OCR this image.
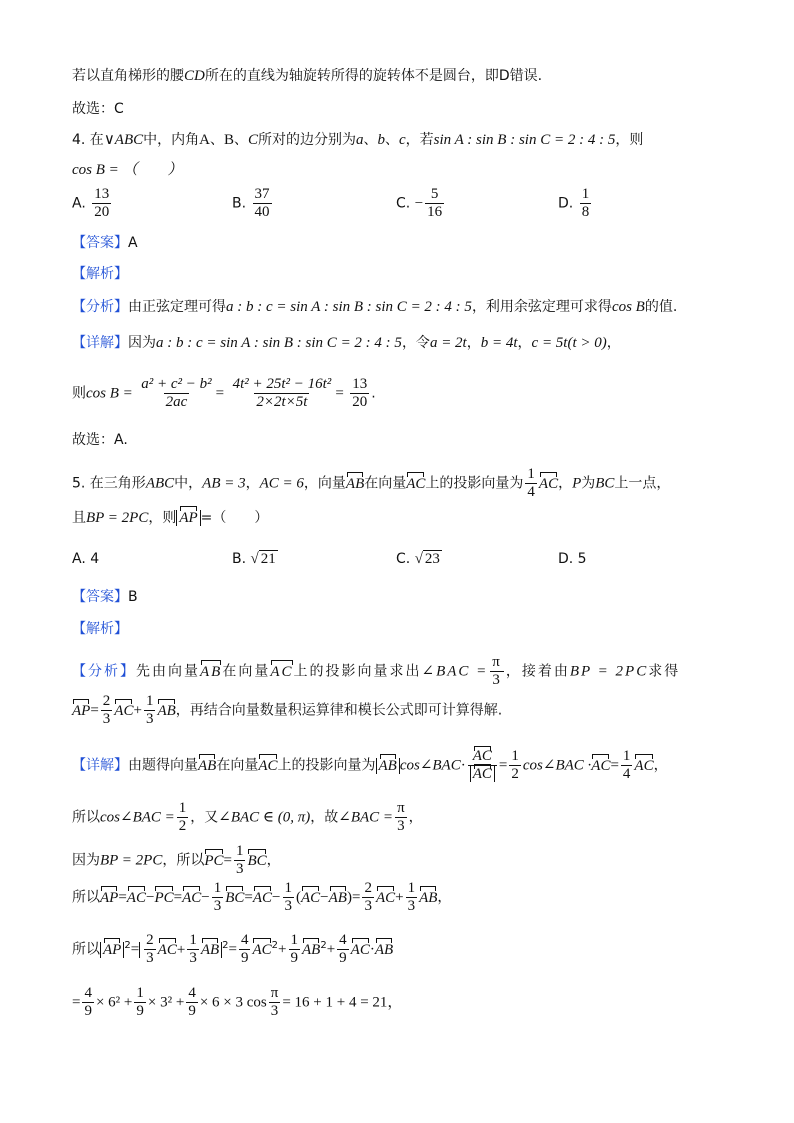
若以直角梯形的腰CD所在的直线为轴旋转所得的旋转体不是圆台，即D错误.
故选：C
4. 在∨ABC中，内角A、B、C所对的边分别为a、b、c，若sin A : sin B : sin C = 2 : 4 : 5，则
cos B = （　　）
A. $\frac{13}{20}$	B. $\frac{37}{40}$	C. − $\frac{5}{16}$	D. $\frac{1}{8}$
【答案】A
【解析】
【分析】由正弦定理可得a : b : c = sin A : sin B : sin C = 2 : 4 : 5，利用余弦定理可求得cos B的值.
【详解】因为a : b : c = sin A : sin B : sin C = 2 : 4 : 5，令a = 2t，b = 4t，c = 5t(t > 0)，
则$\cos B = \frac{\text{a² + c² − b²}}{2ac} = \frac{\text{4t² + 25t² − 16t²}}{2\times 2t\times 5t} = \frac{13}{20}$ .
故选：A.
5. 在三角形ABC中，AB = 3，AC = 6，向量AB在向量AC上的投影向量为 $\frac{1}{4}$ AC，P为BC上一点，
且BP = 2PC，则 AP =（　　）
A. 4	B. √ 21	C. √ 23	D. 5
【答案】B
【解析】
【分析】先由向量AB在向量AC上的投影向量求出∠BAC = $\frac{\pi}{3}$ ，接着由BP = 2PC求得
$AP= \frac{2}{3} AC+ \frac{1}{3}$ AB，再结合向量数量积运算律和模长公式即可计算得解.
【详解】由题得向量AB在向量AC上的投影向量为 AB cos∠BAC· $\frac{AC}{AC} = \frac{1}{2}$ cos∠BAC $\cdot AC= \frac{1}{4}$ AC，
所以cos∠BAC = $\frac{1}{2}$ ，又∠BAC ∈ (0, π)，故∠BAC = $\frac{\pi}{3}$ ，
因为BP = 2PC，所以$PC= \frac{1}{3}$ BC，
所以$AP=AC-PC=AC- \frac{1}{3} BC=AC- \frac{1}{3} (AC-AB)= \frac{2}{3} AC+ \frac{1}{3}$ AB，
所以 AP $^2= \frac{2}{3} AC+ \frac{1}{3}$ AB $^2= \frac{4}{9} AC^2+ \frac{1}{9} AB^2+ \frac{4}{9} AC\cdot AB$
= $\frac{4}{9} \times 6^2 + \frac{1}{9} \times 3^2 + \frac{4}{9} \times 6 \times 3$ $\cos \frac{\pi}{3} = 16 + 1 + 4 = 21$，
